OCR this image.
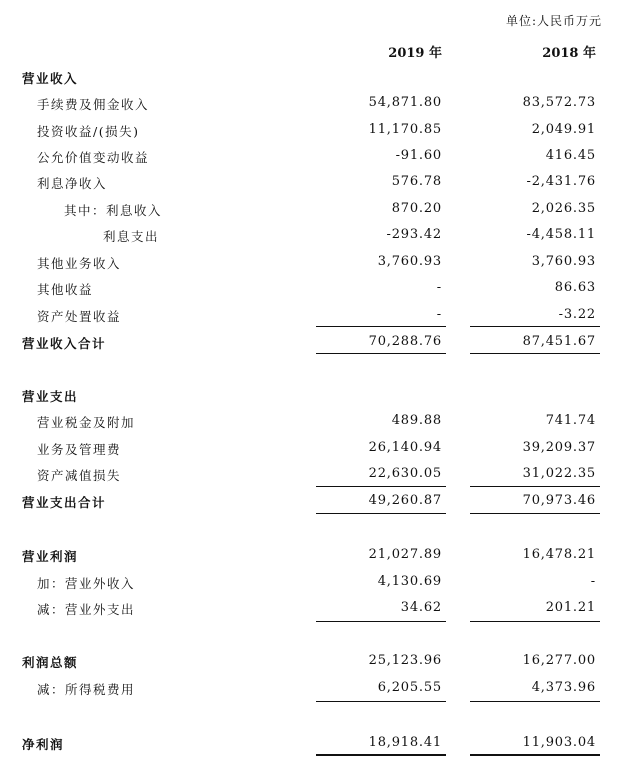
单位:人民币万元
2019 年	2018 年
营业收入
手续费及佣金收入	54,871.80	83,572.73
投资收益/(损失)	11,170.85	2,049.91
公允价值变动收益	-91.60	416.45
利息净收入	576.78	-2,431.76
其中：利息收入	870.20	2,026.35
利息支出	-293.42	-4,458.11
其他业务收入	3,760.93	3,760.93
其他收益	-	86.63
资产处置收益	-	-3.22
营业收入合计	70,288.76	87,451.67
营业支出
营业税金及附加	489.88	741.74
业务及管理费	26,140.94	39,209.37
资产减值损失	22,630.05	31,022.35
营业支出合计	49,260.87	70,973.46
营业利润	21,027.89	16,478.21
加：营业外收入	4,130.69	-
减：营业外支出	34.62	201.21
利润总额	25,123.96	16,277.00
减：所得税费用	6,205.55	4,373.96
净利润	18,918.41	11,903.04
